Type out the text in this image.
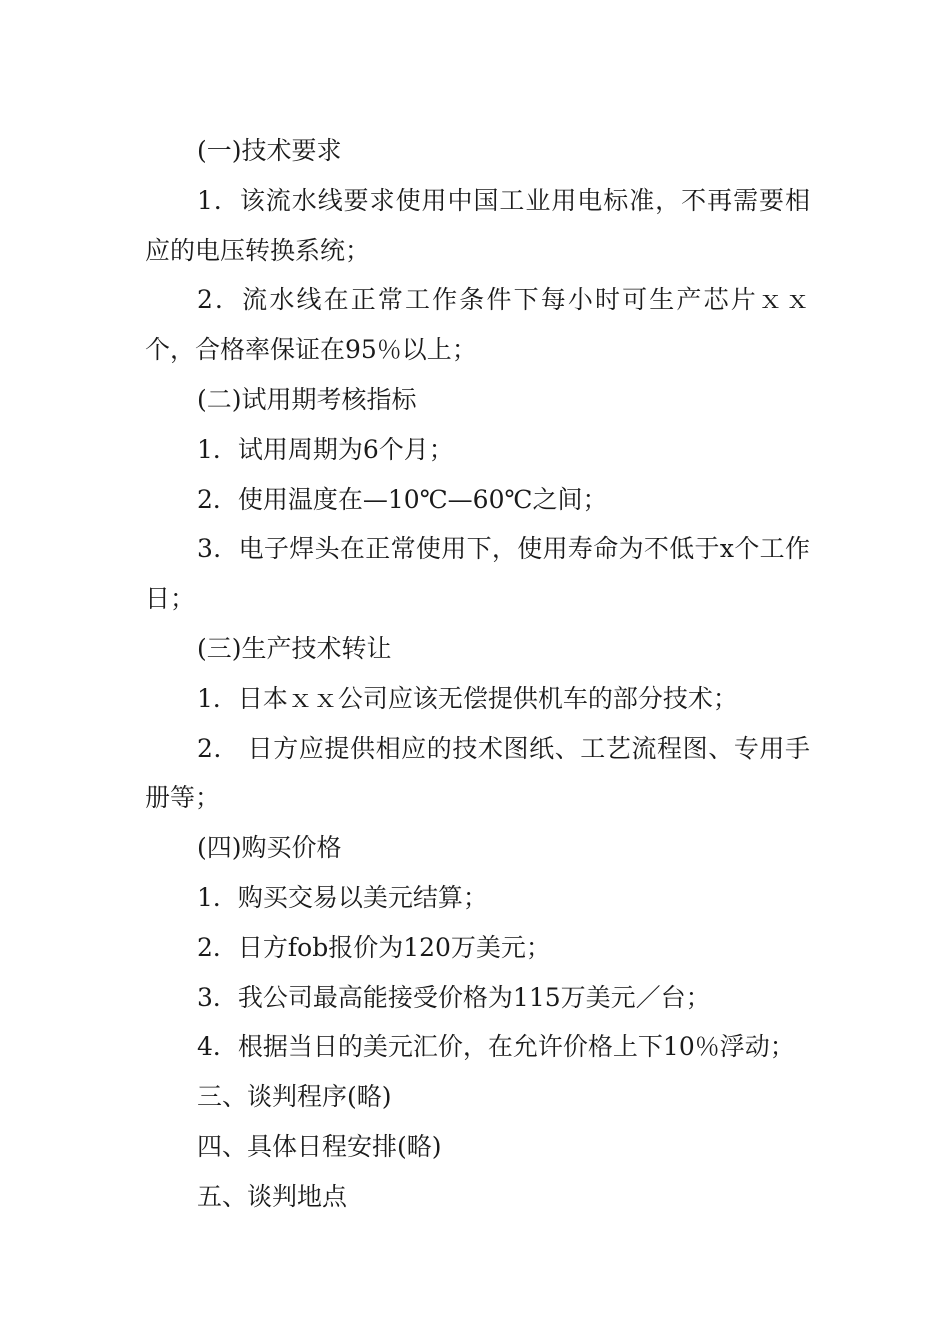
(一)技术要求

1．该流水线要求使用中国工业用电标准，不再需要相应的电压转换系统；

2．流水线在正常工作条件下每小时可生产芯片ｘｘ个，合格率保证在95％以上；

(二)试用期考核指标

1．试用周期为6个月；

2．使用温度在—10℃—60℃之间；

3．电子焊头在正常使用下，使用寿命为不低于x个工作日；

(三)生产技术转让

1．日本ｘｘ公司应该无偿提供机车的部分技术；

2． 日方应提供相应的技术图纸、工艺流程图、专用手册等；

(四)购买价格

1．购买交易以美元结算；

2．日方fob报价为120万美元；

3．我公司最高能接受价格为115万美元／台；

4．根据当日的美元汇价，在允许价格上下10％浮动；

三、谈判程序(略)

四、具体日程安排(略)

五、谈判地点
